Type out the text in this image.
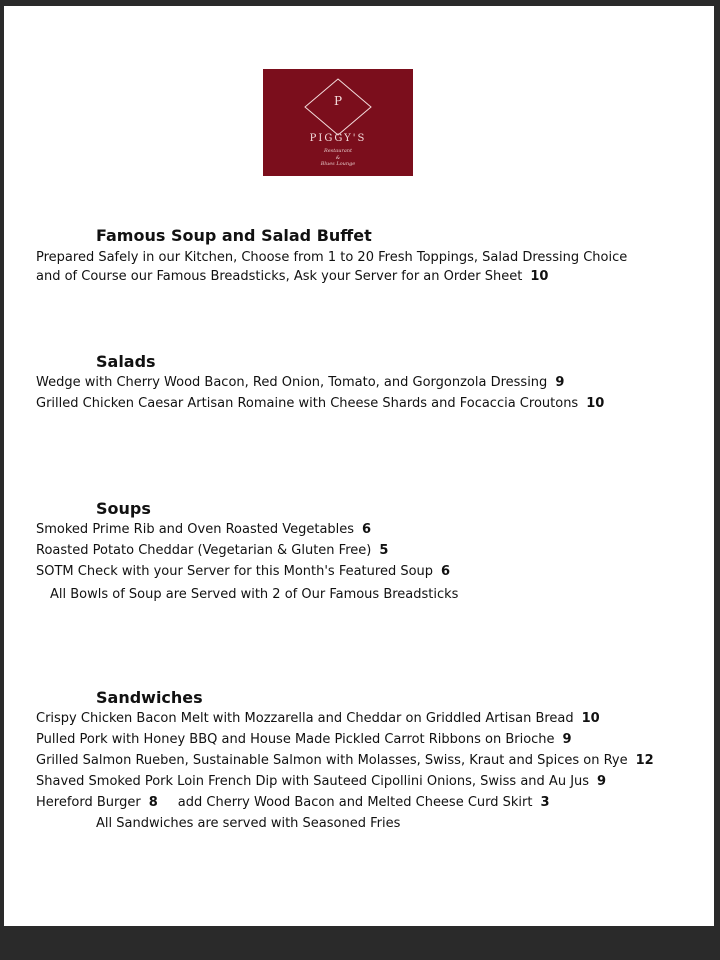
P
PIGGY'S
Restaurant
&
Blues Lounge
Famous Soup and Salad Buffet
Prepared Safely in our Kitchen, Choose from 1 to 20 Fresh Toppings, Salad Dressing Choice
and of Course our Famous Breadsticks, Ask your Server for an Order Sheet 10
Salads
Wedge with Cherry Wood Bacon, Red Onion, Tomato, and Gorgonzola Dressing 9
Grilled Chicken Caesar Artisan Romaine with Cheese Shards and Focaccia Croutons 10
Soups
Smoked Prime Rib and Oven Roasted Vegetables 6
Roasted Potato Cheddar (Vegetarian & Gluten Free) 5
SOTM Check with your Server for this Month's Featured Soup 6
All Bowls of Soup are Served with 2 of Our Famous Breadsticks
Sandwiches
Crispy Chicken Bacon Melt with Mozzarella and Cheddar on Griddled Artisan Bread 10
Pulled Pork with Honey BBQ and House Made Pickled Carrot Ribbons on Brioche 9
Grilled Salmon Rueben, Sustainable Salmon with Molasses, Swiss, Kraut and Spices on Rye 12
Shaved Smoked Pork Loin French Dip with Sauteed Cipollini Onions, Swiss and Au Jus 9
Hereford Burger 8 add Cherry Wood Bacon and Melted Cheese Curd Skirt 3
All Sandwiches are served with Seasoned Fries
